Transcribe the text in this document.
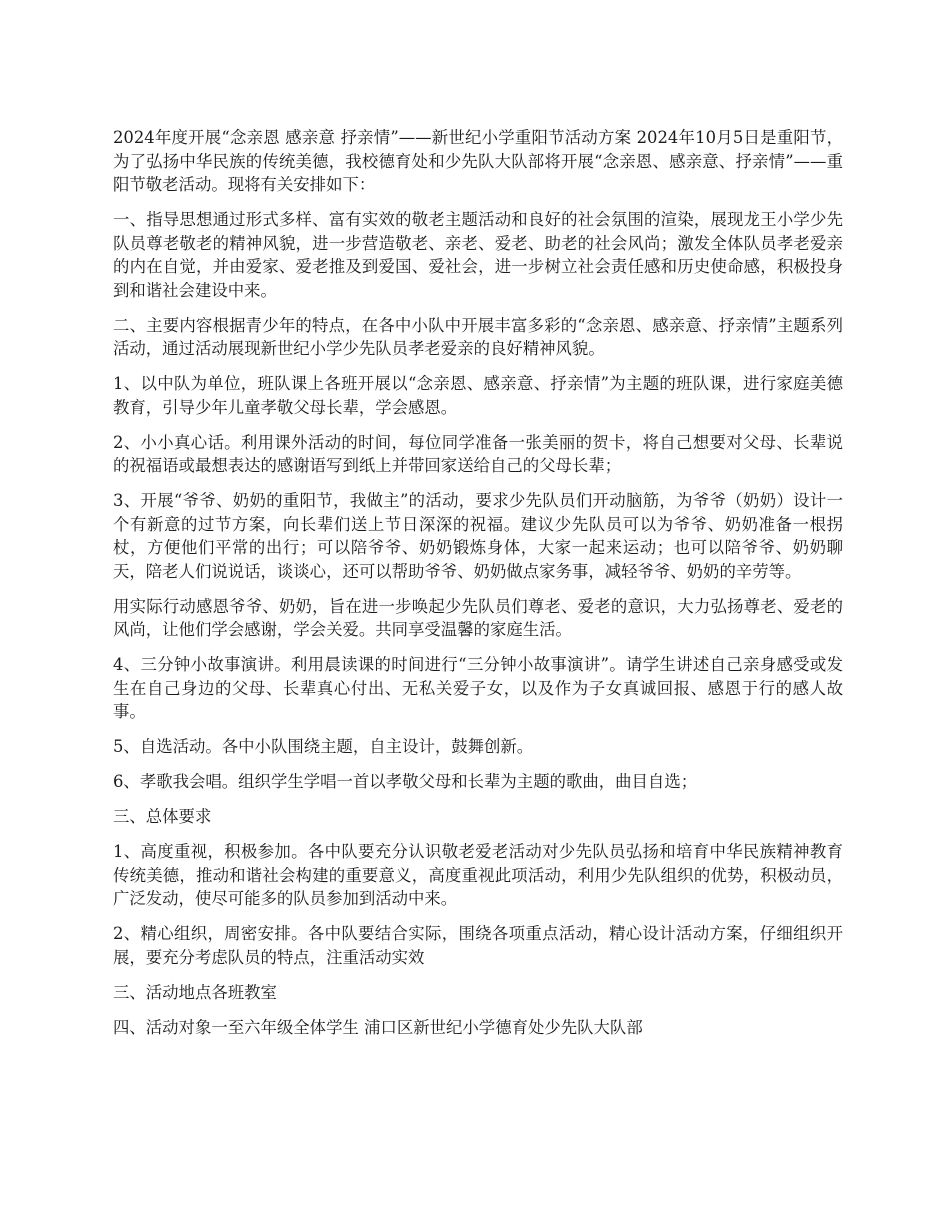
2024年度开展“念亲恩 感亲意 抒亲情”——新世纪小学重阳节活动方案 2024年10月5日是重阳节，为了弘扬中华民族的传统美德，我校德育处和少先队大队部将开展“念亲恩、感亲意、抒亲情”——重阳节敬老活动。现将有关安排如下：

一、指导思想通过形式多样、富有实效的敬老主题活动和良好的社会氛围的渲染，展现龙王小学少先队员尊老敬老的精神风貌，进一步营造敬老、亲老、爱老、助老的社会风尚；激发全体队员孝老爱亲的内在自觉，并由爱家、爱老推及到爱国、爱社会，进一步树立社会责任感和历史使命感，积极投身到和谐社会建设中来。

二、主要内容根据青少年的特点，在各中小队中开展丰富多彩的“念亲恩、感亲意、抒亲情”主题系列活动，通过活动展现新世纪小学少先队员孝老爱亲的良好精神风貌。

1、以中队为单位，班队课上各班开展以“念亲恩、感亲意、抒亲情”为主题的班队课，进行家庭美德教育，引导少年儿童孝敬父母长辈，学会感恩。

2、小小真心话。利用课外活动的时间，每位同学准备一张美丽的贺卡，将自己想要对父母、长辈说的祝福语或最想表达的感谢语写到纸上并带回家送给自己的父母长辈；

3、开展“爷爷、奶奶的重阳节，我做主”的活动，要求少先队员们开动脑筋，为爷爷（奶奶）设计一个有新意的过节方案，向长辈们送上节日深深的祝福。建议少先队员可以为爷爷、奶奶准备一根拐杖，方便他们平常的出行；可以陪爷爷、奶奶锻炼身体，大家一起来运动；也可以陪爷爷、奶奶聊天，陪老人们说说话，谈谈心，还可以帮助爷爷、奶奶做点家务事，减轻爷爷、奶奶的辛劳等。

用实际行动感恩爷爷、奶奶，旨在进一步唤起少先队员们尊老、爱老的意识，大力弘扬尊老、爱老的风尚，让他们学会感谢，学会关爱。共同享受温馨的家庭生活。

4、三分钟小故事演讲。利用晨读课的时间进行“三分钟小故事演讲”。请学生讲述自己亲身感受或发生在自己身边的父母、长辈真心付出、无私关爱子女，以及作为子女真诚回报、感恩于行的感人故事。

5、自选活动。各中小队围绕主题，自主设计，鼓舞创新。

6、孝歌我会唱。组织学生学唱一首以孝敬父母和长辈为主题的歌曲，曲目自选；

三、总体要求

1、高度重视，积极参加。各中队要充分认识敬老爱老活动对少先队员弘扬和培育中华民族精神教育传统美德，推动和谐社会构建的重要意义，高度重视此项活动，利用少先队组织的优势，积极动员，广泛发动，使尽可能多的队员参加到活动中来。

2、精心组织，周密安排。各中队要结合实际，围绕各项重点活动，精心设计活动方案，仔细组织开展，要充分考虑队员的特点，注重活动实效

三、活动地点各班教室

四、活动对象一至六年级全体学生 浦口区新世纪小学德育处少先队大队部
